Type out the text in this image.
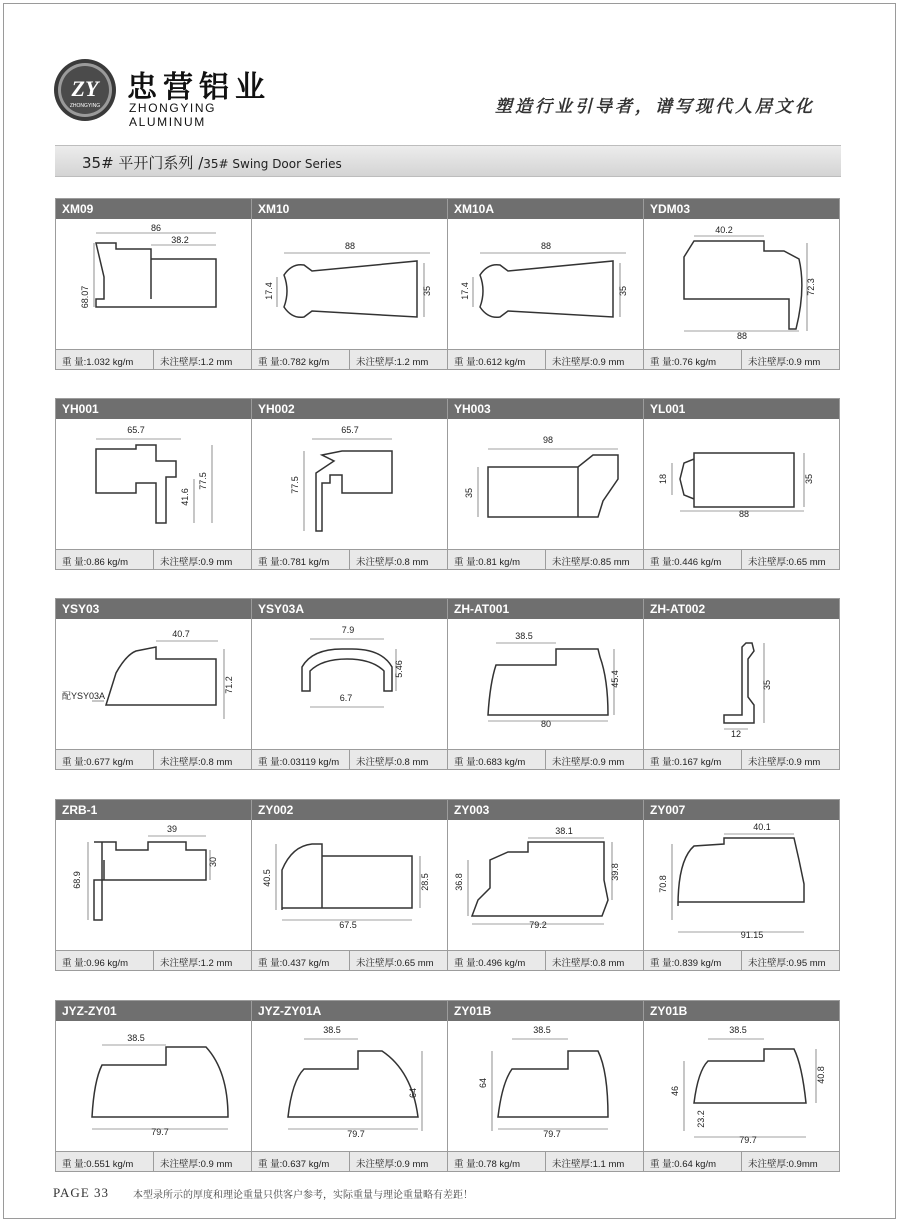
ZY
ZHONGYING
忠营铝业
ZHONGYING ALUMINUM
塑造行业引导者，谱写现代人居文化
35# 平开门系列 /35# Swing Door Series
XM09
86
38.2
68.07
重 量:1.032 kg/m	未注壁厚:1.2 mm
XM10
88
17.4	35
重 量:0.782 kg/m	未注壁厚:1.2 mm
XM10A
88
17.4	35
重 量:0.612 kg/m	未注壁厚:0.9 mm
YDM03
40.2
72.3
88
重 量:0.76 kg/m	未注壁厚:0.9 mm
YH001
65.7
41.6
77.5
重 量:0.86 kg/m	未注壁厚:0.9 mm
YH002
65.7
77.5
重 量:0.781 kg/m	未注壁厚:0.8 mm
YH003
98
35
重 量:0.81 kg/m	未注壁厚:0.85 mm
YL001
18	35
88
重 量:0.446 kg/m	未注壁厚:0.65 mm
YSY03
40.7
71.2
配YSY03A
重 量:0.677 kg/m	未注壁厚:0.8 mm
YSY03A
7.9
5.46
6.7
重 量:0.03119 kg/m	未注壁厚:0.8 mm
ZH-AT001
38.5
45.4
80
重 量:0.683 kg/m	未注壁厚:0.9 mm
ZH-AT002
35
12
重 量:0.167 kg/m	未注壁厚:0.9 mm
ZRB-1
39
68.9
30
重 量:0.96 kg/m	未注壁厚:1.2 mm
ZY002
40.5	28.5
67.5
重 量:0.437 kg/m	未注壁厚:0.65 mm
ZY003
38.1
36.8
39.8
79.2
重 量:0.496 kg/m	未注壁厚:0.8 mm
ZY007
40.1
70.8
91.15
重 量:0.839 kg/m	未注壁厚:0.95 mm
JYZ-ZY01
38.5
79.7
重 量:0.551 kg/m	未注壁厚:0.9 mm
JYZ-ZY01A
38.5
64
79.7
重 量:0.637 kg/m	未注壁厚:0.9 mm
ZY01B
38.5
64
79.7
重 量:0.78 kg/m	未注壁厚:1.1 mm
ZY01B
38.5
46
40.8
23.2
79.7
重 量:0.64 kg/m	未注壁厚:0.9mm
PAGE 33 本型录所示的厚度和理论重量只供客户参考，实际重量与理论重量略有差距！
